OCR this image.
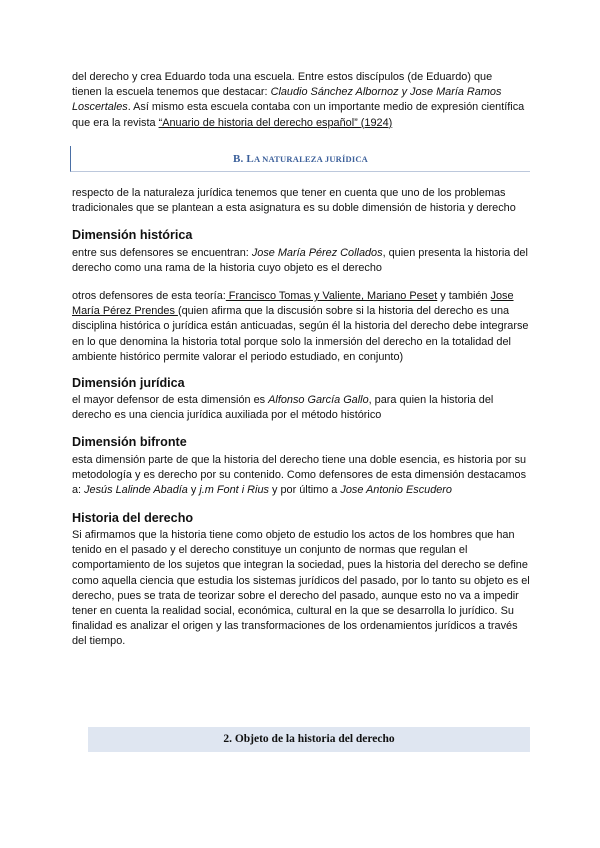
del derecho y crea Eduardo toda una escuela. Entre estos discípulos (de Eduardo) que
tienen la escuela tenemos que destacar: Claudio Sánchez Albornoz y Jose María Ramos Loscertales. Así mismo esta escuela contaba con un importante medio de expresión científica que era la revista “Anuario de historia del derecho español” (1924)

B. LA NATURALEZA JURÍDICA

respecto de la naturaleza jurídica tenemos que tener en cuenta que uno de los problemas tradicionales que se plantean a esta asignatura es su doble dimensión de historia y derecho

Dimensión histórica

entre sus defensores se encuentran: Jose María Pérez Collados, quien presenta la historia del derecho como una rama de la historia cuyo objeto es el derecho

otros defensores de esta teoría: Francisco Tomas y Valiente, Mariano Peset y también Jose María Pérez Prendes (quien afirma que la discusión sobre si la historia del derecho es una disciplina histórica o jurídica están anticuadas, según él la historia del derecho debe integrarse en lo que denomina la historia total porque solo la inmersión del derecho en la totalidad del ambiente histórico permite valorar el periodo estudiado, en conjunto)

Dimensión jurídica

el mayor defensor de esta dimensión es Alfonso García Gallo, para quien la historia del derecho es una ciencia jurídica auxiliada por el método histórico

Dimensión bifronte

esta dimensión parte de que la historia del derecho tiene una doble esencia, es historia por su metodología y es derecho por su contenido. Como defensores de esta dimensión destacamos a: Jesús Lalinde Abadía y j.m Font i Rius y por último a Jose Antonio Escudero

Historia del derecho

Si afirmamos que la historia tiene como objeto de estudio los actos de los hombres que han tenido en el pasado y el derecho constituye un conjunto de normas que regulan el comportamiento de los sujetos que integran la sociedad, pues la historia del derecho se define como aquella ciencia que estudia los sistemas jurídicos del pasado, por lo tanto su objeto es el derecho, pues se trata de teorizar sobre el derecho del pasado, aunque esto no va a impedir tener en cuenta la realidad social, económica, cultural en la que se desarrolla lo jurídico. Su finalidad es analizar el origen y las transformaciones de los ordenamientos jurídicos a través del tiempo.

2. Objeto de la historia del derecho
